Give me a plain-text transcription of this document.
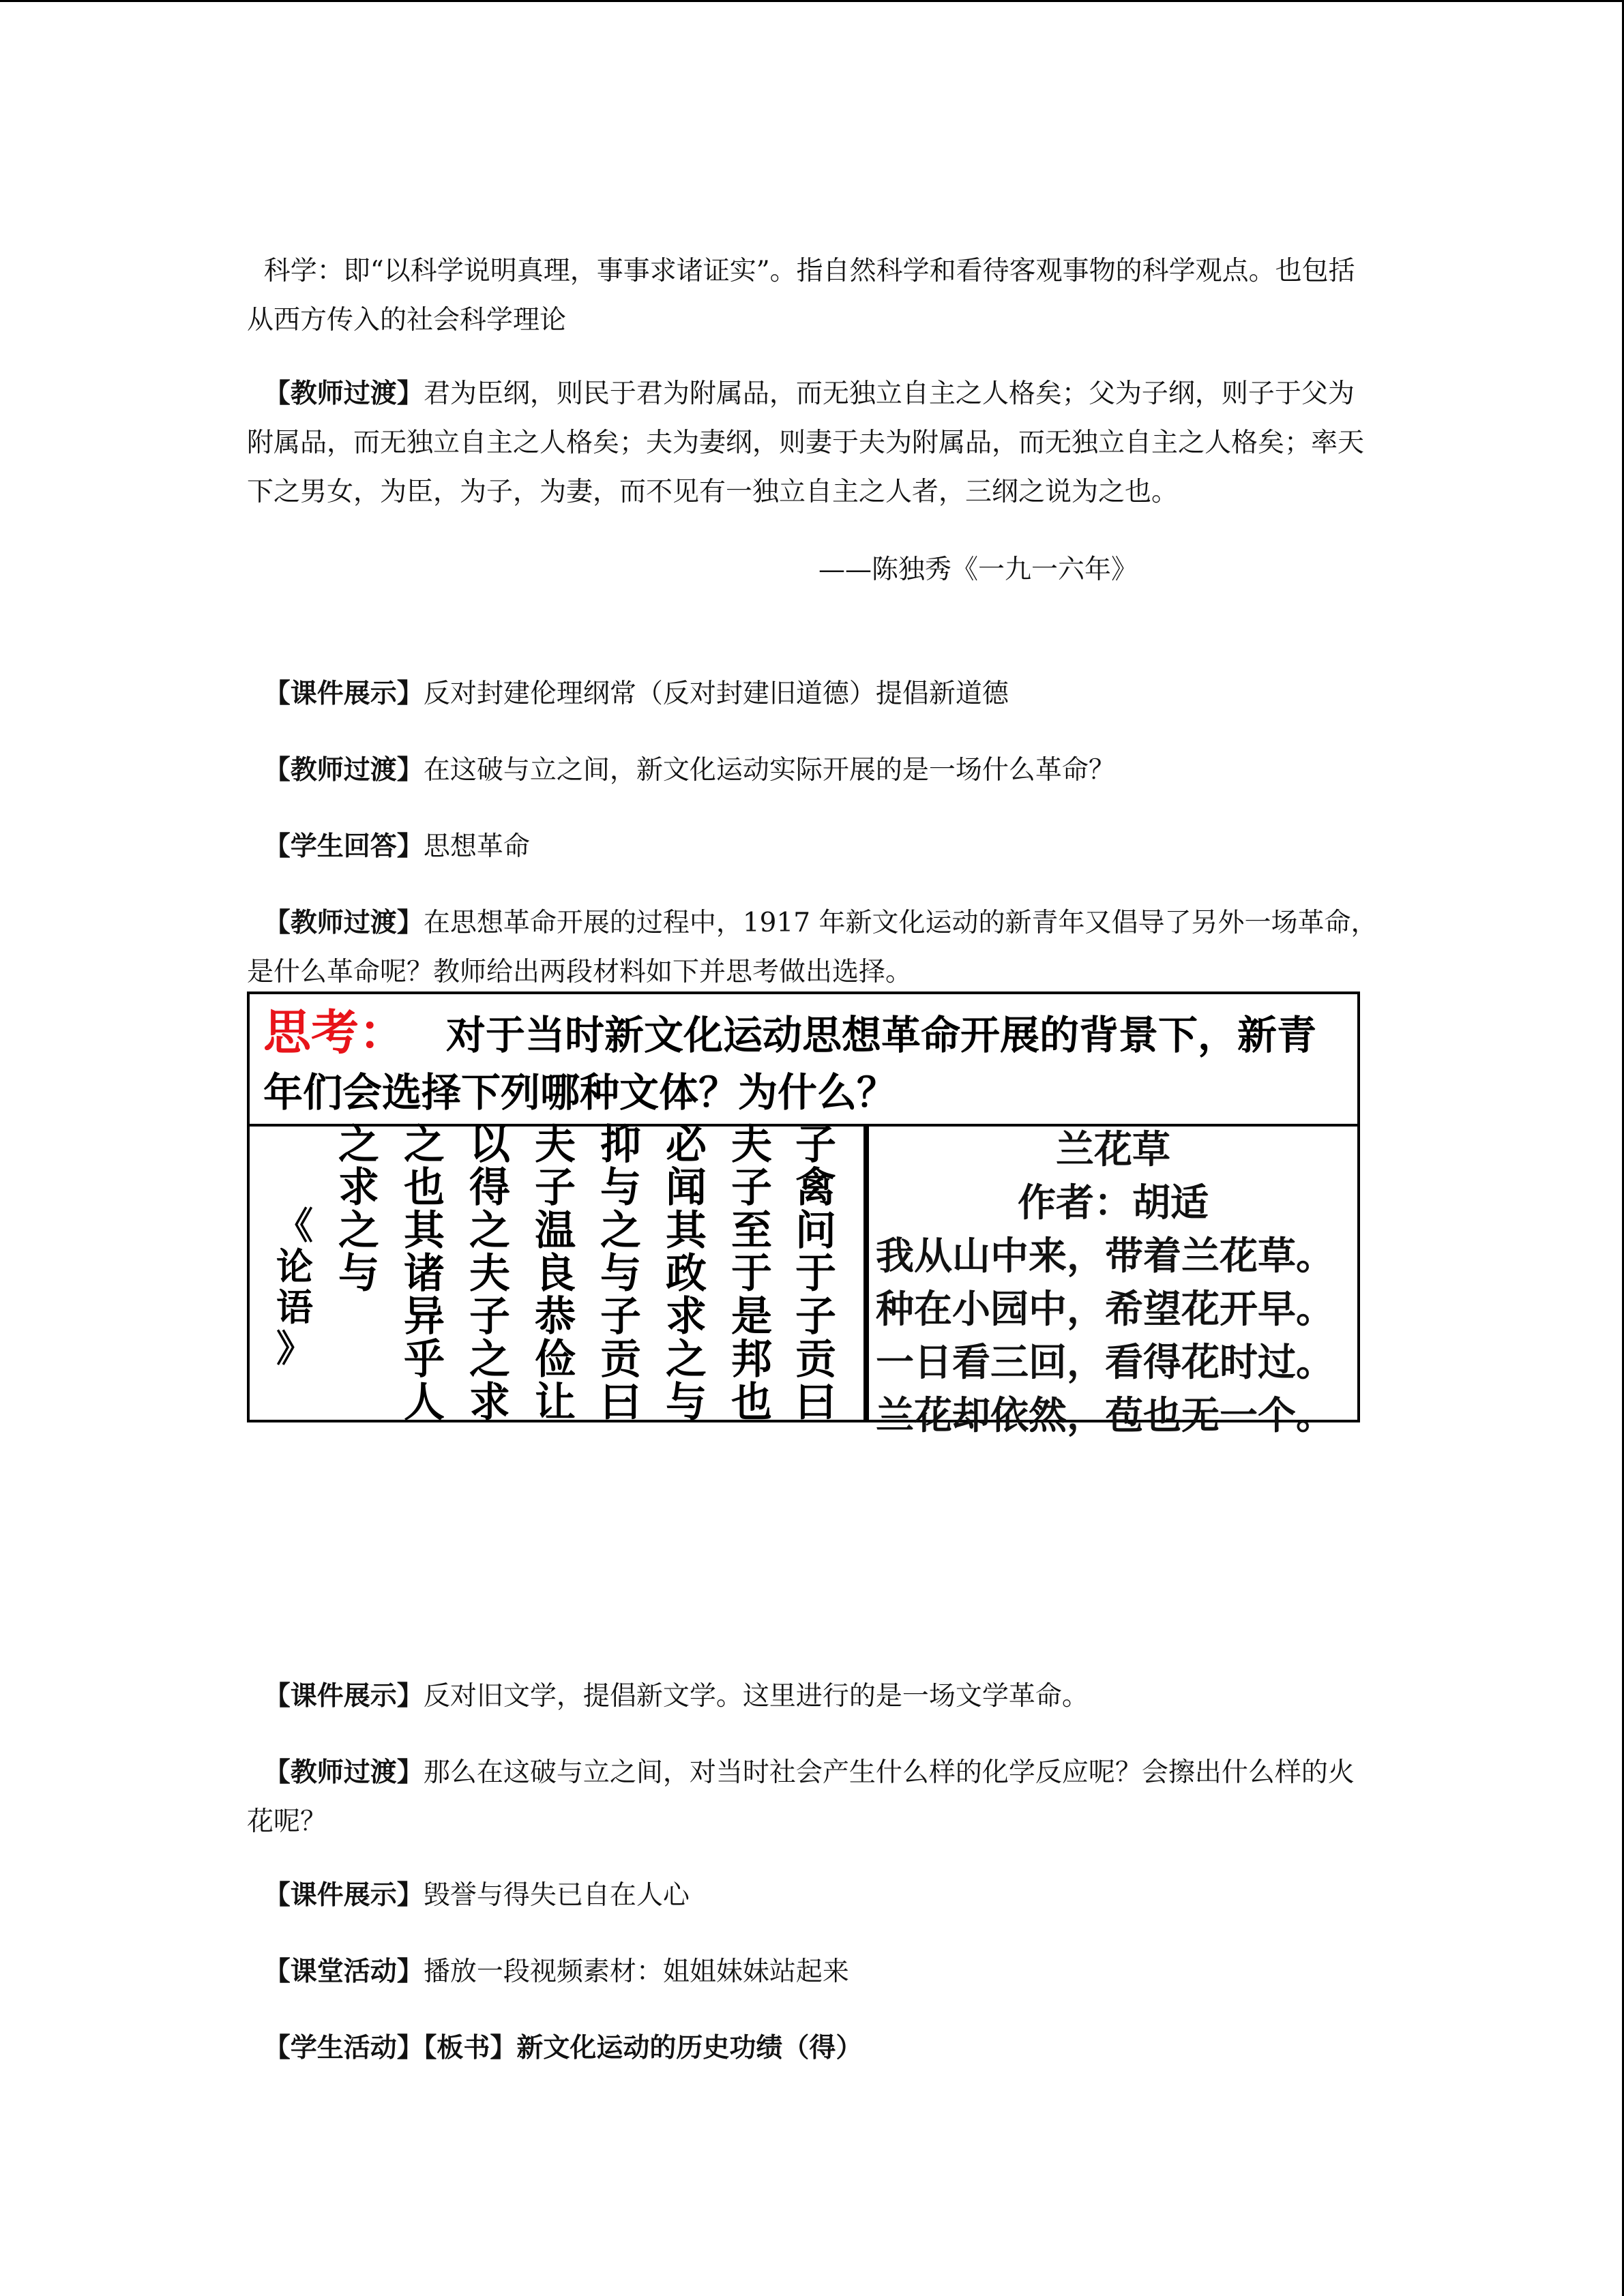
科学：即“以科学说明真理，事事求诸证实”。指自然科学和看待客观事物的科学观点。也包括从西方传入的社会科学理论

【教师过渡】君为臣纲，则民于君为附属品，而无独立自主之人格矣；父为子纲，则子于父为附属品，而无独立自主之人格矣；夫为妻纲，则妻于夫为附属品，而无独立自主之人格矣；率天下之男女，为臣，为子，为妻，而不见有一独立自主之人者，三纲之说为之也。

——陈独秀《一九一六年》

【课件展示】反对封建伦理纲常（反对封建旧道德）提倡新道德

【教师过渡】在这破与立之间，新文化运动实际开展的是一场什么革命？

【学生回答】思想革命

【教师过渡】在思想革命开展的过程中，1917 年新文化运动的新青年又倡导了另外一场革命，是什么革命呢？教师给出两段材料如下并思考做出选择。

思考： 对于当时新文化运动思想革命开展的背景下，新青年们会选择下列哪种文体？为什么？
子
禽
问
于
子
贡
曰
夫
子
至
于
是
邦
也
必
闻
其
政
求
之
与
抑
与
之
与
子
贡
曰
夫
子
温
良
恭
俭
让
以
得
之
夫
子
之
求
之
也
其
诸
异
乎
人
之
求
之
与
《
论
语
》
兰花草
作者：胡适
我从山中来，带着兰花草。
种在小园中，希望花开早。
一日看三回，看得花时过。
兰花却依然，苞也无一个。

【课件展示】反对旧文学，提倡新文学。这里进行的是一场文学革命。

【教师过渡】那么在这破与立之间，对当时社会产生什么样的化学反应呢？会擦出什么样的火花呢？

【课件展示】毁誉与得失已自在人心

【课堂活动】播放一段视频素材：姐姐妹妹站起来

【学生活动】【板书】新文化运动的历史功绩（得）
